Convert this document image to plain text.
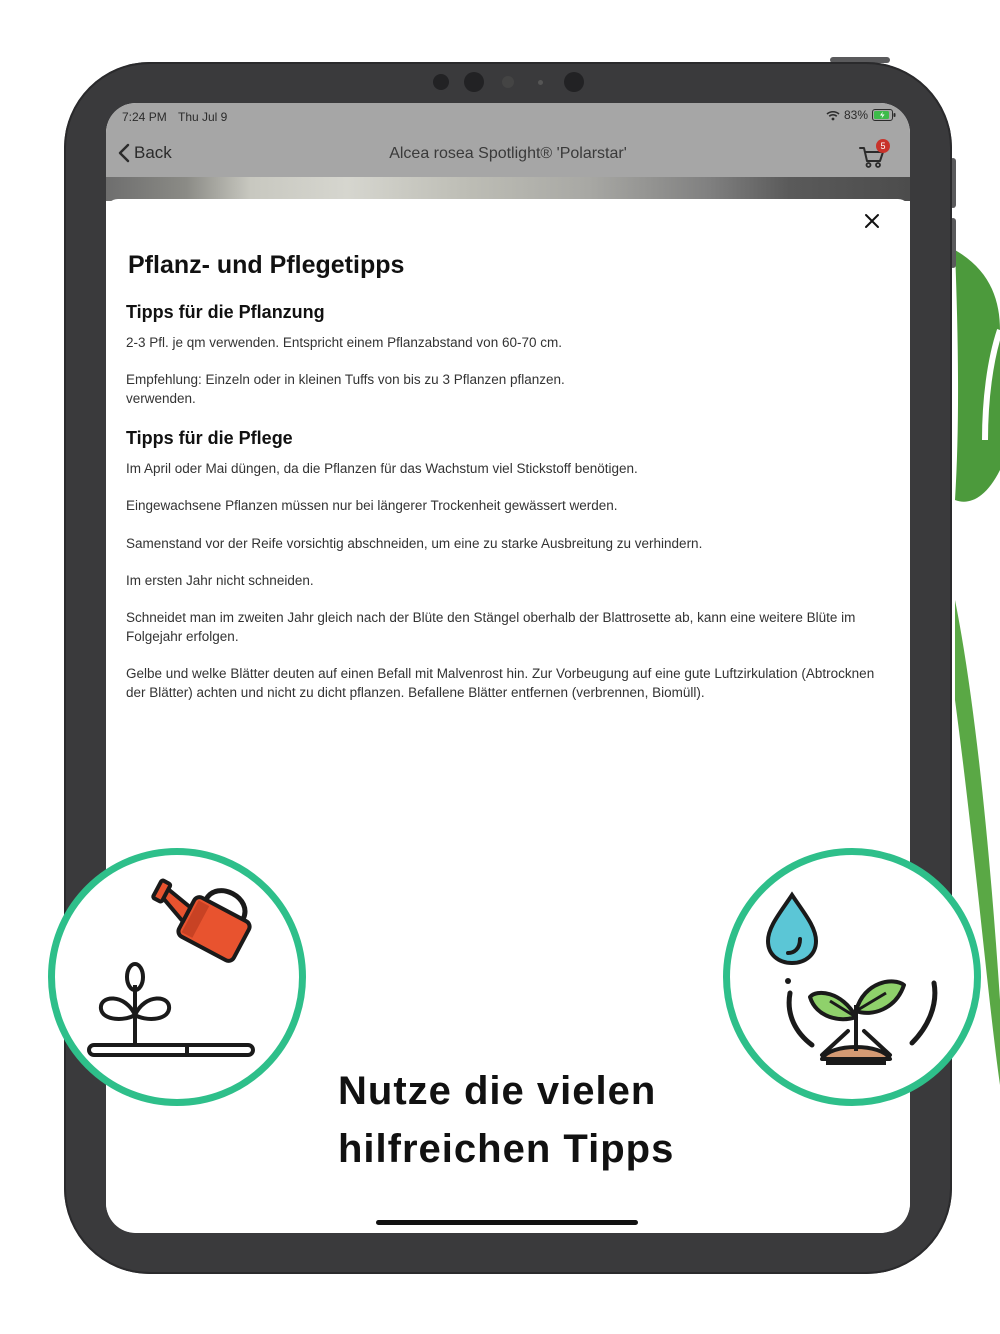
7:24 PM Thu Jul 9	83%
Back	Alcea rosea Spotlight® 'Polarstar'	5
Pflanz- und Pflegetipps
Tipps für die Pflanzung
2-3 Pfl. je qm verwenden. Entspricht einem Pflanzabstand von 60-70 cm.
Empfehlung: Einzeln oder in kleinen Tuffs von bis zu 3 Pflanzen pflanzen.
verwenden.
Tipps für die Pflege
Im April oder Mai düngen, da die Pflanzen für das Wachstum viel Stickstoff benötigen.
Eingewachsene Pflanzen müssen nur bei längerer Trockenheit gewässert werden.
Samenstand vor der Reife vorsichtig abschneiden, um eine zu starke Ausbreitung zu verhindern.
Im ersten Jahr nicht schneiden.
Schneidet man im zweiten Jahr gleich nach der Blüte den Stängel oberhalb der Blattrosette ab, kann eine weitere Blüte im Folgejahr erfolgen.
Gelbe und welke Blätter deuten auf einen Befall mit Malvenrost hin. Zur Vorbeugung auf eine gute Luftzirkulation (Abtrocknen der Blätter) achten und nicht zu dicht pflanzen. Befallene Blätter entfernen (verbrennen, Biomüll).
Nutze die vielen
hilfreichen Tipps
